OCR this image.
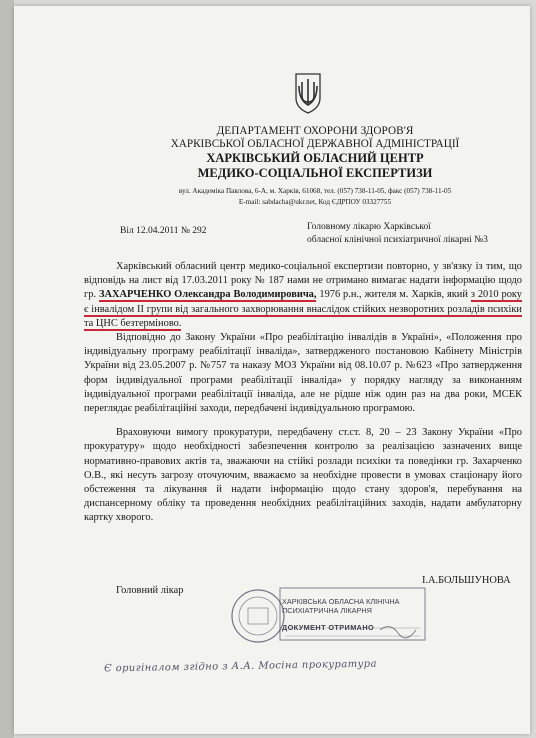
ДЕПАРТАМЕНТ ОХОРОНИ ЗДОРОВ'Я
ХАРКІВСЬКОЇ ОБЛАСНОЇ ДЕРЖАВНОЇ АДМІНІСТРАЦІЇ
ХАРКІВСЬКИЙ ОБЛАСНИЙ ЦЕНТР
МЕДИКО-СОЦІАЛЬНОЇ ЕКСПЕРТИЗИ
вул. Академіка Павлова, 6-А, м. Харків, 61068, тел. (057) 738-11-05, факс (057) 738-11-05
E-mail: sabdacha@ukr.net, Код ЄДРПОУ 03327755
Віл 12.04.2011 № 292	Головному лікарю Харківської
обласної клінічної психіатричної лікарні №3

Харківський обласний центр медико-соціальної експертизи повторно, у зв'язку із тим, що відповідь на лист від 17.03.2011 року № 187 нами не отримано вимагає надати інформацію щодо гр. ЗАХАРЧЕНКО Олександра Володимировича, 1976 р.н., жителя м. Харків, який з 2010 року є інвалідом ІІ групи від загального захворювання внаслідок стійких незворотних розладів психіки та ЦНС безтерміново.

Відповідно до Закону України «Про реабілітацію інвалідів в Україні», «Положення про індивідуальну програму реабілітації інваліда», затвердженого постановою Кабінету Міністрів України від 23.05.2007 р. №757 та наказу МОЗ України від 08.10.07 р. №623 «Про затвердження форм індивідуальної програми реабілітації інваліда» у порядку нагляду за виконанням індивідуальної програми реабілітації інваліда, але не рідше ніж один раз на два роки, МСЕК переглядає реабілітаційні заходи, передбачені індивідуальною програмою.

Враховуючи вимогу прокуратури, передбачену ст.ст. 8, 20 – 23 Закону України «Про прокуратуру» щодо необхідності забезпечення контролю за реалізацією зазначених вище нормативно-правових актів та, зважаючи на стійкі розлади психіки та поведінки гр. Захарченко О.В., які несуть загрозу оточуючим, вважаємо за необхідне провести в умовах стаціонару його обстеження та лікування й надати інформацію щодо стану здоров'я, перебування на диспансерному обліку та проведення необхідних реабілітаційних заходів, надати амбулаторну картку хворого.

Головний лікар
І.А.БОЛЬШУНОВА
ХАРКІВСЬКА ОБЛАСНА КЛІНІЧНА
ПСИХІАТРИЧНА ЛІКАРНЯ
ДОКУМЕНТ ОТРИМАНО
Є оригіналом згідно з А.А. Мосіна прокуратура
